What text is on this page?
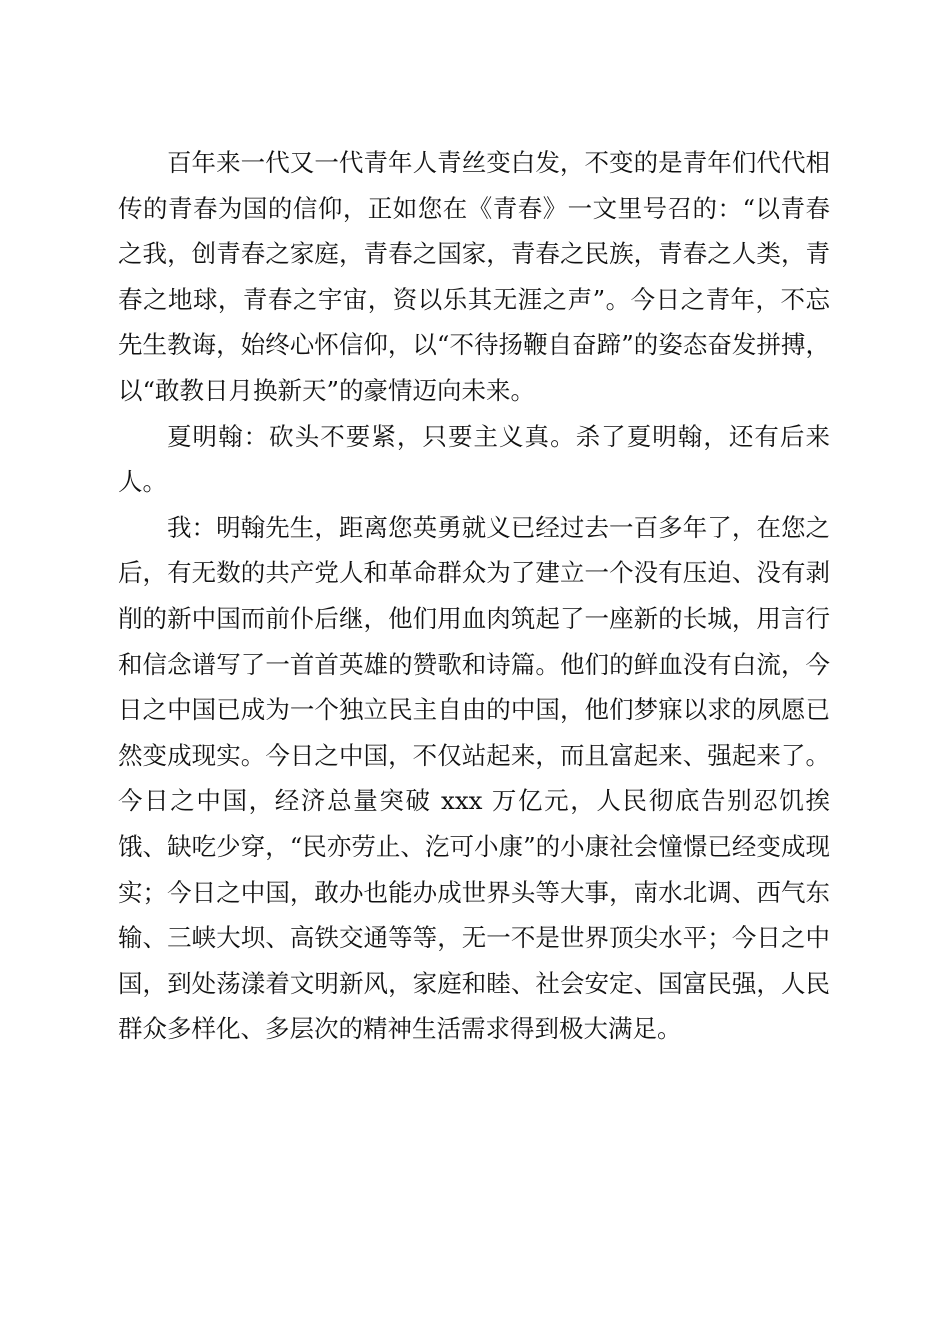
百年来一代又一代青年人青丝变白发，不变的是青年们代代相传的青春为国的信仰，正如您在《青春》一文里号召的：“以青春之我，创青春之家庭，青春之国家，青春之民族，青春之人类，青春之地球，青春之宇宙，资以乐其无涯之声”。今日之青年，不忘先生教诲，始终心怀信仰，以“不待扬鞭自奋蹄”的姿态奋发拼搏，以“敢教日月换新天”的豪情迈向未来。

夏明翰：砍头不要紧，只要主义真。杀了夏明翰，还有后来人。

我：明翰先生，距离您英勇就义已经过去一百多年了，在您之后，有无数的共产党人和革命群众为了建立一个没有压迫、没有剥削的新中国而前仆后继，他们用血肉筑起了一座新的长城，用言行和信念谱写了一首首英雄的赞歌和诗篇。他们的鲜血没有白流，今日之中国已成为一个独立民主自由的中国，他们梦寐以求的夙愿已然变成现实。今日之中国，不仅站起来，而且富起来、强起来了。今日之中国，经济总量突破 xxx 万亿元，人民彻底告别忍饥挨饿、缺吃少穿，“民亦劳止、汔可小康”的小康社会憧憬已经变成现实；今日之中国，敢办也能办成世界头等大事，南水北调、西气东输、三峡大坝、高铁交通等等，无一不是世界顶尖水平；今日之中国，到处荡漾着文明新风，家庭和睦、社会安定、国富民强，人民群众多样化、多层次的精神生活需求得到极大满足。
